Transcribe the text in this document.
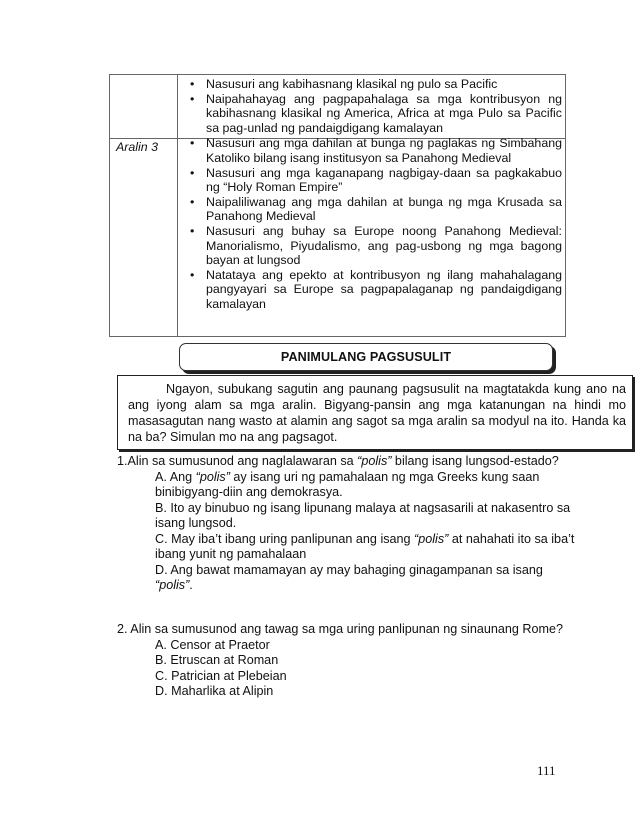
Aralin 3
• Nasusuri ang kabihasnang klasikal ng pulo sa Pacific
• Naipahahayag ang pagpapahalaga sa mga kontribusyon ng kabihasnang klasikal ng America, Africa at mga Pulo sa Pacific sa pag-unlad ng pandaigdigang kamalayan
• Nasusuri ang mga dahilan at bunga ng paglakas ng Simbahang Katoliko bilang isang institusyon sa Panahong Medieval
• Nasusuri ang mga kaganapang nagbigay-daan sa pagkakabuo ng “Holy Roman Empire”
• Naipaliliwanag ang mga dahilan at bunga ng mga Krusada sa Panahong Medieval
• Nasusuri ang buhay sa Europe noong Panahong Medieval: Manorialismo, Piyudalismo, ang pag-usbong ng mga bagong bayan at lungsod
• Natataya ang epekto at kontribusyon ng ilang mahahalagang pangyayari sa Europe sa pagpapalaganap ng pandaigdigang kamalayan
PANIMULANG PAGSUSULIT
Ngayon, subukang sagutin ang paunang pagsusulit na magtatakda kung ano na ang iyong alam sa mga aralin. Bigyang-pansin ang mga katanungan na hindi mo masasagutan nang wasto at alamin ang sagot sa mga aralin sa modyul na ito. Handa ka na ba? Simulan mo na ang pagsagot.
1.Alin sa sumusunod ang naglalawaran sa “polis” bilang isang lungsod-estado?
A. Ang “polis” ay isang uri ng pamahalaan ng mga Greeks kung saan binibigyang-diin ang demokrasya.
B. Ito ay binubuo ng isang lipunang malaya at nagsasarili at nakasentro sa isang lungsod.
C. May iba’t ibang uring panlipunan ang isang “polis” at nahahati ito sa iba’t ibang yunit ng pamahalaan
D. Ang bawat mamamayan ay may bahaging ginagampanan sa isang “polis”.
2. Alin sa sumusunod ang tawag sa mga uring panlipunan ng sinaunang Rome?
A. Censor at Praetor
B. Etruscan at Roman
C. Patrician at Plebeian
D. Maharlika at Alipin
111
